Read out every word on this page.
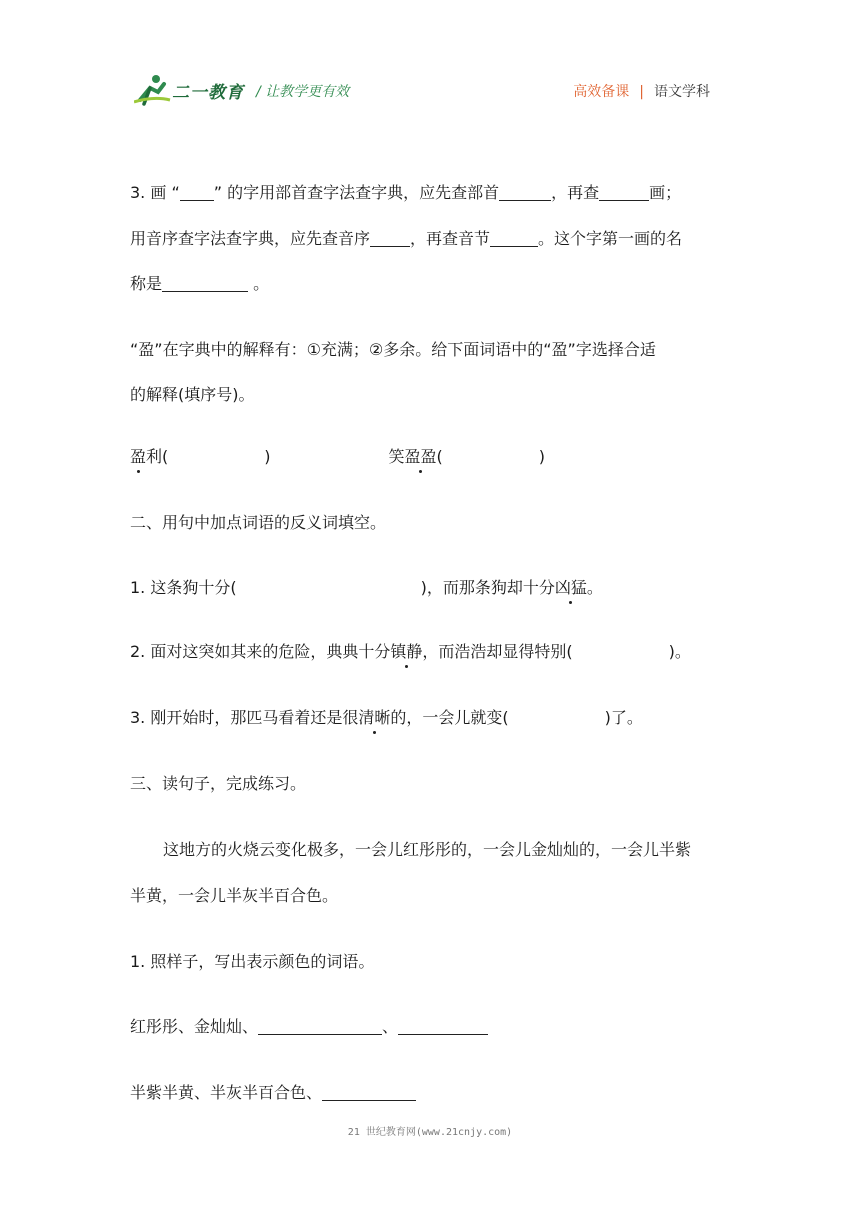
二一教育 / 让教学更有效	高效备课 | 语文学科
3. 画 “ ” 的字用部首查字法查字典，应先查部首	，再查	画；
用音序查字法查字典，应先查音序	，再查音节	。这个字第一画的名
称是	。
“盈”在字典中的解释有：①充满；②多余。给下面词语中的“盈”字选择合适
的解释(填序号)。
盈利(	)	笑盈盈(	)
二、用句中加点词语的反义词填空。
1. 这条狗十分(	)，而那条狗却十分凶猛。
2. 面对这突如其来的危险，典典十分镇静，而浩浩却显得特别(	)。
3. 刚开始时，那匹马看着还是很清晰的，一会儿就变(	)了。
三、读句子，完成练习。
这地方的火烧云变化极多，一会儿红彤彤的，一会儿金灿灿的，一会儿半紫
半黄，一会儿半灰半百合色。
1. 照样子，写出表示颜色的词语。
红彤彤、金灿灿、	、
半紫半黄、半灰半百合色、
21 世纪教育网(www.21cnjy.com)
